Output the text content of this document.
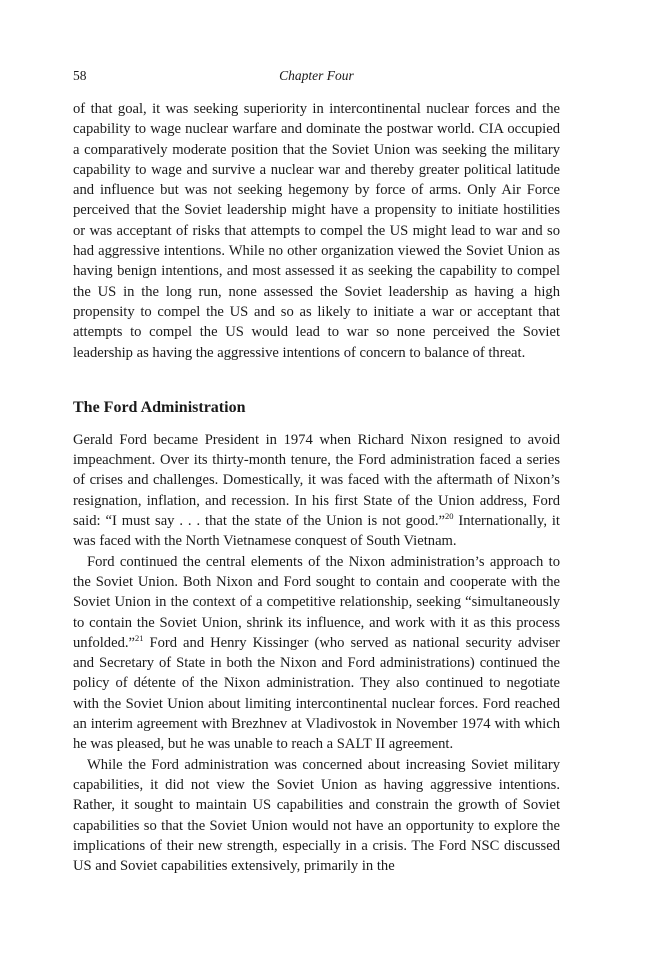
58	Chapter Four

of that goal, it was seeking superiority in intercontinental nuclear forces and the capability to wage nuclear warfare and dominate the postwar world. CIA occupied a comparatively moderate position that the Soviet Union was seeking the military capability to wage and survive a nuclear war and thereby greater political latitude and influence but was not seeking hegemony by force of arms. Only Air Force perceived that the Soviet leadership might have a propensity to initiate hostilities or was acceptant of risks that attempts to compel the US might lead to war and so had aggressive intentions. While no other organization viewed the Soviet Union as having benign intentions, and most assessed it as seeking the capability to compel the US in the long run, none assessed the Soviet leadership as having a high propensity to compel the US and so as likely to initiate a war or acceptant that attempts to compel the US would lead to war so none perceived the Soviet leadership as having the aggressive intentions of concern to balance of threat.

The Ford Administration

Gerald Ford became President in 1974 when Richard Nixon resigned to avoid impeachment. Over its thirty-month tenure, the Ford administration faced a series of crises and challenges. Domestically, it was faced with the aftermath of Nixon’s resignation, inflation, and recession. In his first State of the Union address, Ford said: “I must say . . . that the state of the Union is not good.”$^{20}$ Internationally, it was faced with the North Vietnamese conquest of South Vietnam.

Ford continued the central elements of the Nixon administration’s approach to the Soviet Union. Both Nixon and Ford sought to contain and cooperate with the Soviet Union in the context of a competitive relationship, seeking “simultaneously to contain the Soviet Union, shrink its influence, and work with it as this process unfolded.”$^{21}$ Ford and Henry Kissinger (who served as national security adviser and Secretary of State in both the Nixon and Ford administrations) continued the policy of détente of the Nixon administration. They also continued to negotiate with the Soviet Union about limiting intercontinental nuclear forces. Ford reached an interim agreement with Brezhnev at Vladivostok in November 1974 with which he was pleased, but he was unable to reach a SALT II agreement.

While the Ford administration was concerned about increasing Soviet military capabilities, it did not view the Soviet Union as having aggressive intentions. Rather, it sought to maintain US capabilities and constrain the growth of Soviet capabilities so that the Soviet Union would not have an opportunity to explore the implications of their new strength, especially in a crisis. The Ford NSC discussed US and Soviet capabilities extensively, primarily in the
